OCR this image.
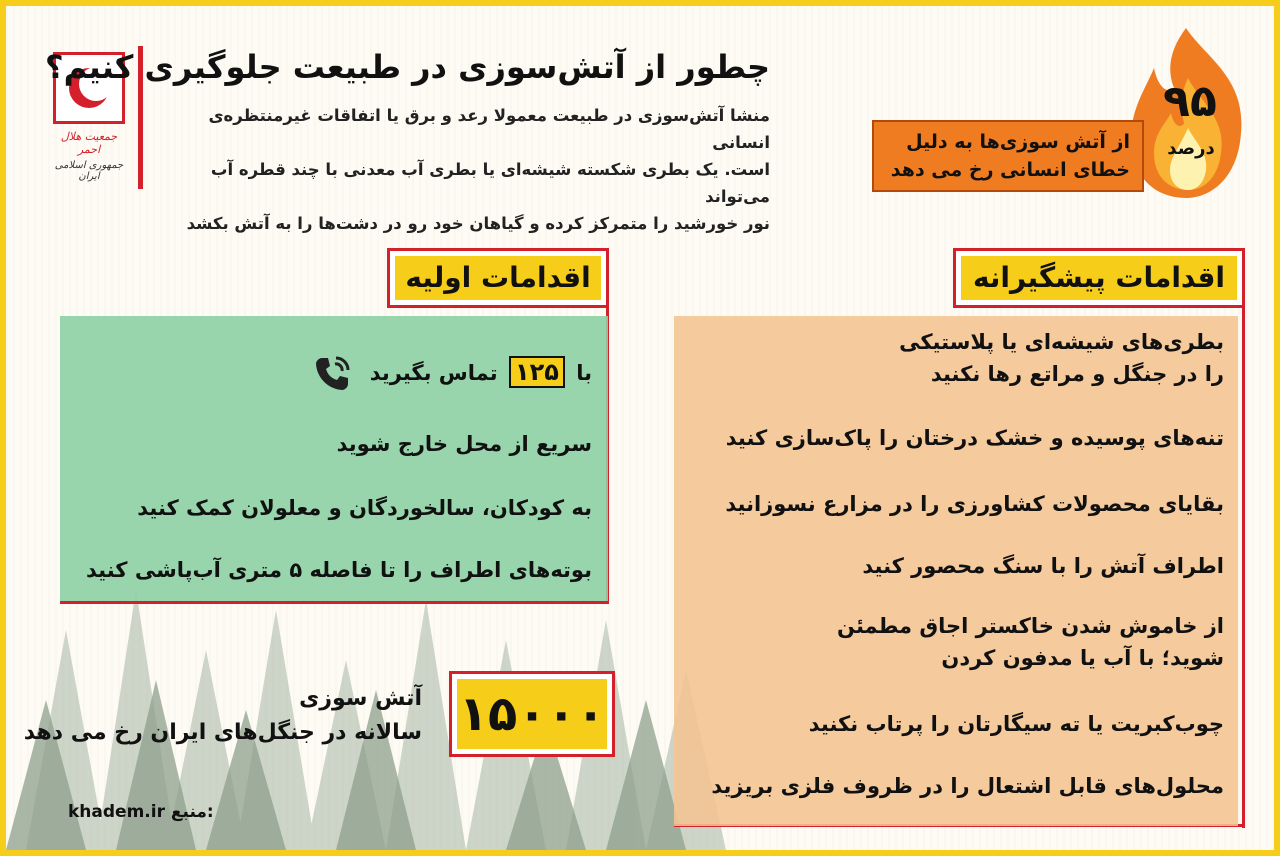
جمعیت هلال احمر
جمهوری اسلامی ایران
چطور از آتش‌سوزی در طبیعت جلوگیری کنیم؟
منشا آتش‌سوزی در طبیعت معمولا رعد و برق یا اتفاقات غیرمنتظره‌ی انسانی
است. یک بطری شکسته شیشه‌ای یا بطری آب معدنی با چند قطره آب می‌تواند
نور خورشید را متمرکز کرده و گیاهان خود رو در دشت‌ها را به آتش بکشد
۹۵
درصد
از آتش سوزی‌ها به دلیل
خطای انسانی رخ می دهد
اقدامات اولیه
با ۱۲۵ تماس بگیرید
سریع از محل خارج شوید
به کودکان، سالخوردگان و معلولان کمک کنید
بوته‌های اطراف را تا فاصله ۵ متری آب‌پاشی کنید
اقدامات پیشگیرانه
بطری‌های شیشه‌ای یا پلاستیکی
را در جنگل و مراتع رها نکنید
تنه‌های پوسیده و خشک درختان را پاک‌سازی کنید
بقایای محصولات کشاورزی را در مزارع نسوزانید
اطراف آتش را با سنگ محصور کنید
از خاموش شدن خاکستر اجاق مطمئن
شوید؛ با آب یا مدفون کردن
چوب‌کبریت یا ته سیگارتان را پرتاب نکنید
محلول‌های قابل اشتعال را در ظروف فلزی بریزید
۱۵۰۰۰
آتش سوزی
سالانه در جنگل‌های ایران رخ می دهد
khadem.ir منبع:
